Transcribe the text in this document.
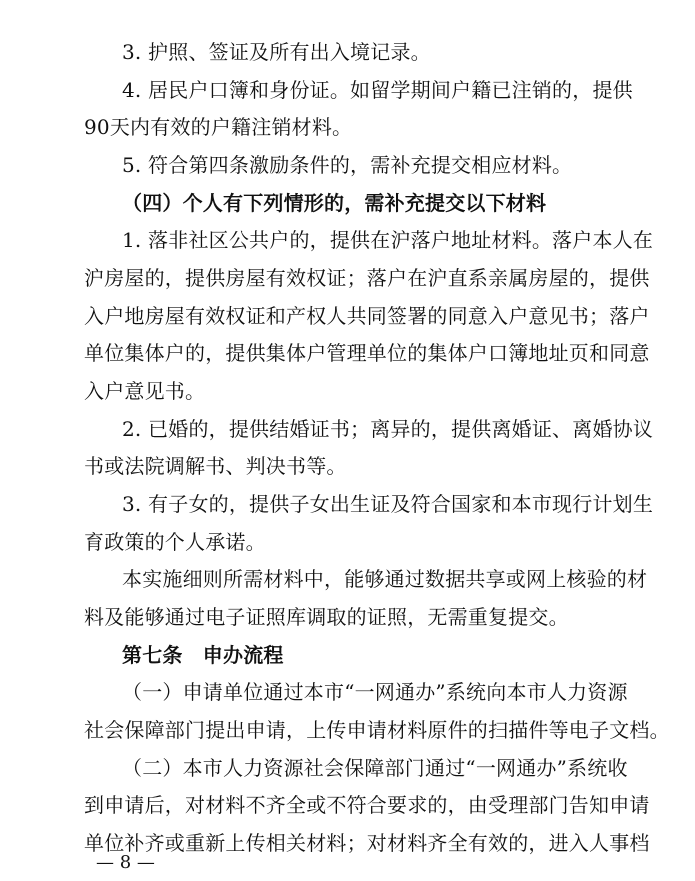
3. 护照、签证及所有出入境记录。
4. 居民户口簿和身份证。如留学期间户籍已注销的，提供
90天内有效的户籍注销材料。
5. 符合第四条激励条件的，需补充提交相应材料。
（四）个人有下列情形的，需补充提交以下材料
1. 落非社区公共户的，提供在沪落户地址材料。落户本人在
沪房屋的，提供房屋有效权证；落户在沪直系亲属房屋的，提供
入户地房屋有效权证和产权人共同签署的同意入户意见书；落户
单位集体户的，提供集体户管理单位的集体户口簿地址页和同意
入户意见书。
2. 已婚的，提供结婚证书；离异的，提供离婚证、离婚协议
书或法院调解书、判决书等。
3. 有子女的，提供子女出生证及符合国家和本市现行计划生
育政策的个人承诺。
本实施细则所需材料中，能够通过数据共享或网上核验的材
料及能够通过电子证照库调取的证照，无需重复提交。
第七条　申办流程
（一）申请单位通过本市“一网通办”系统向本市人力资源
社会保障部门提出申请，上传申请材料原件的扫描件等电子文档。
（二）本市人力资源社会保障部门通过“一网通办”系统收
到申请后，对材料不齐全或不符合要求的，由受理部门告知申请
单位补齐或重新上传相关材料；对材料齐全有效的，进入人事档
— 8 —
